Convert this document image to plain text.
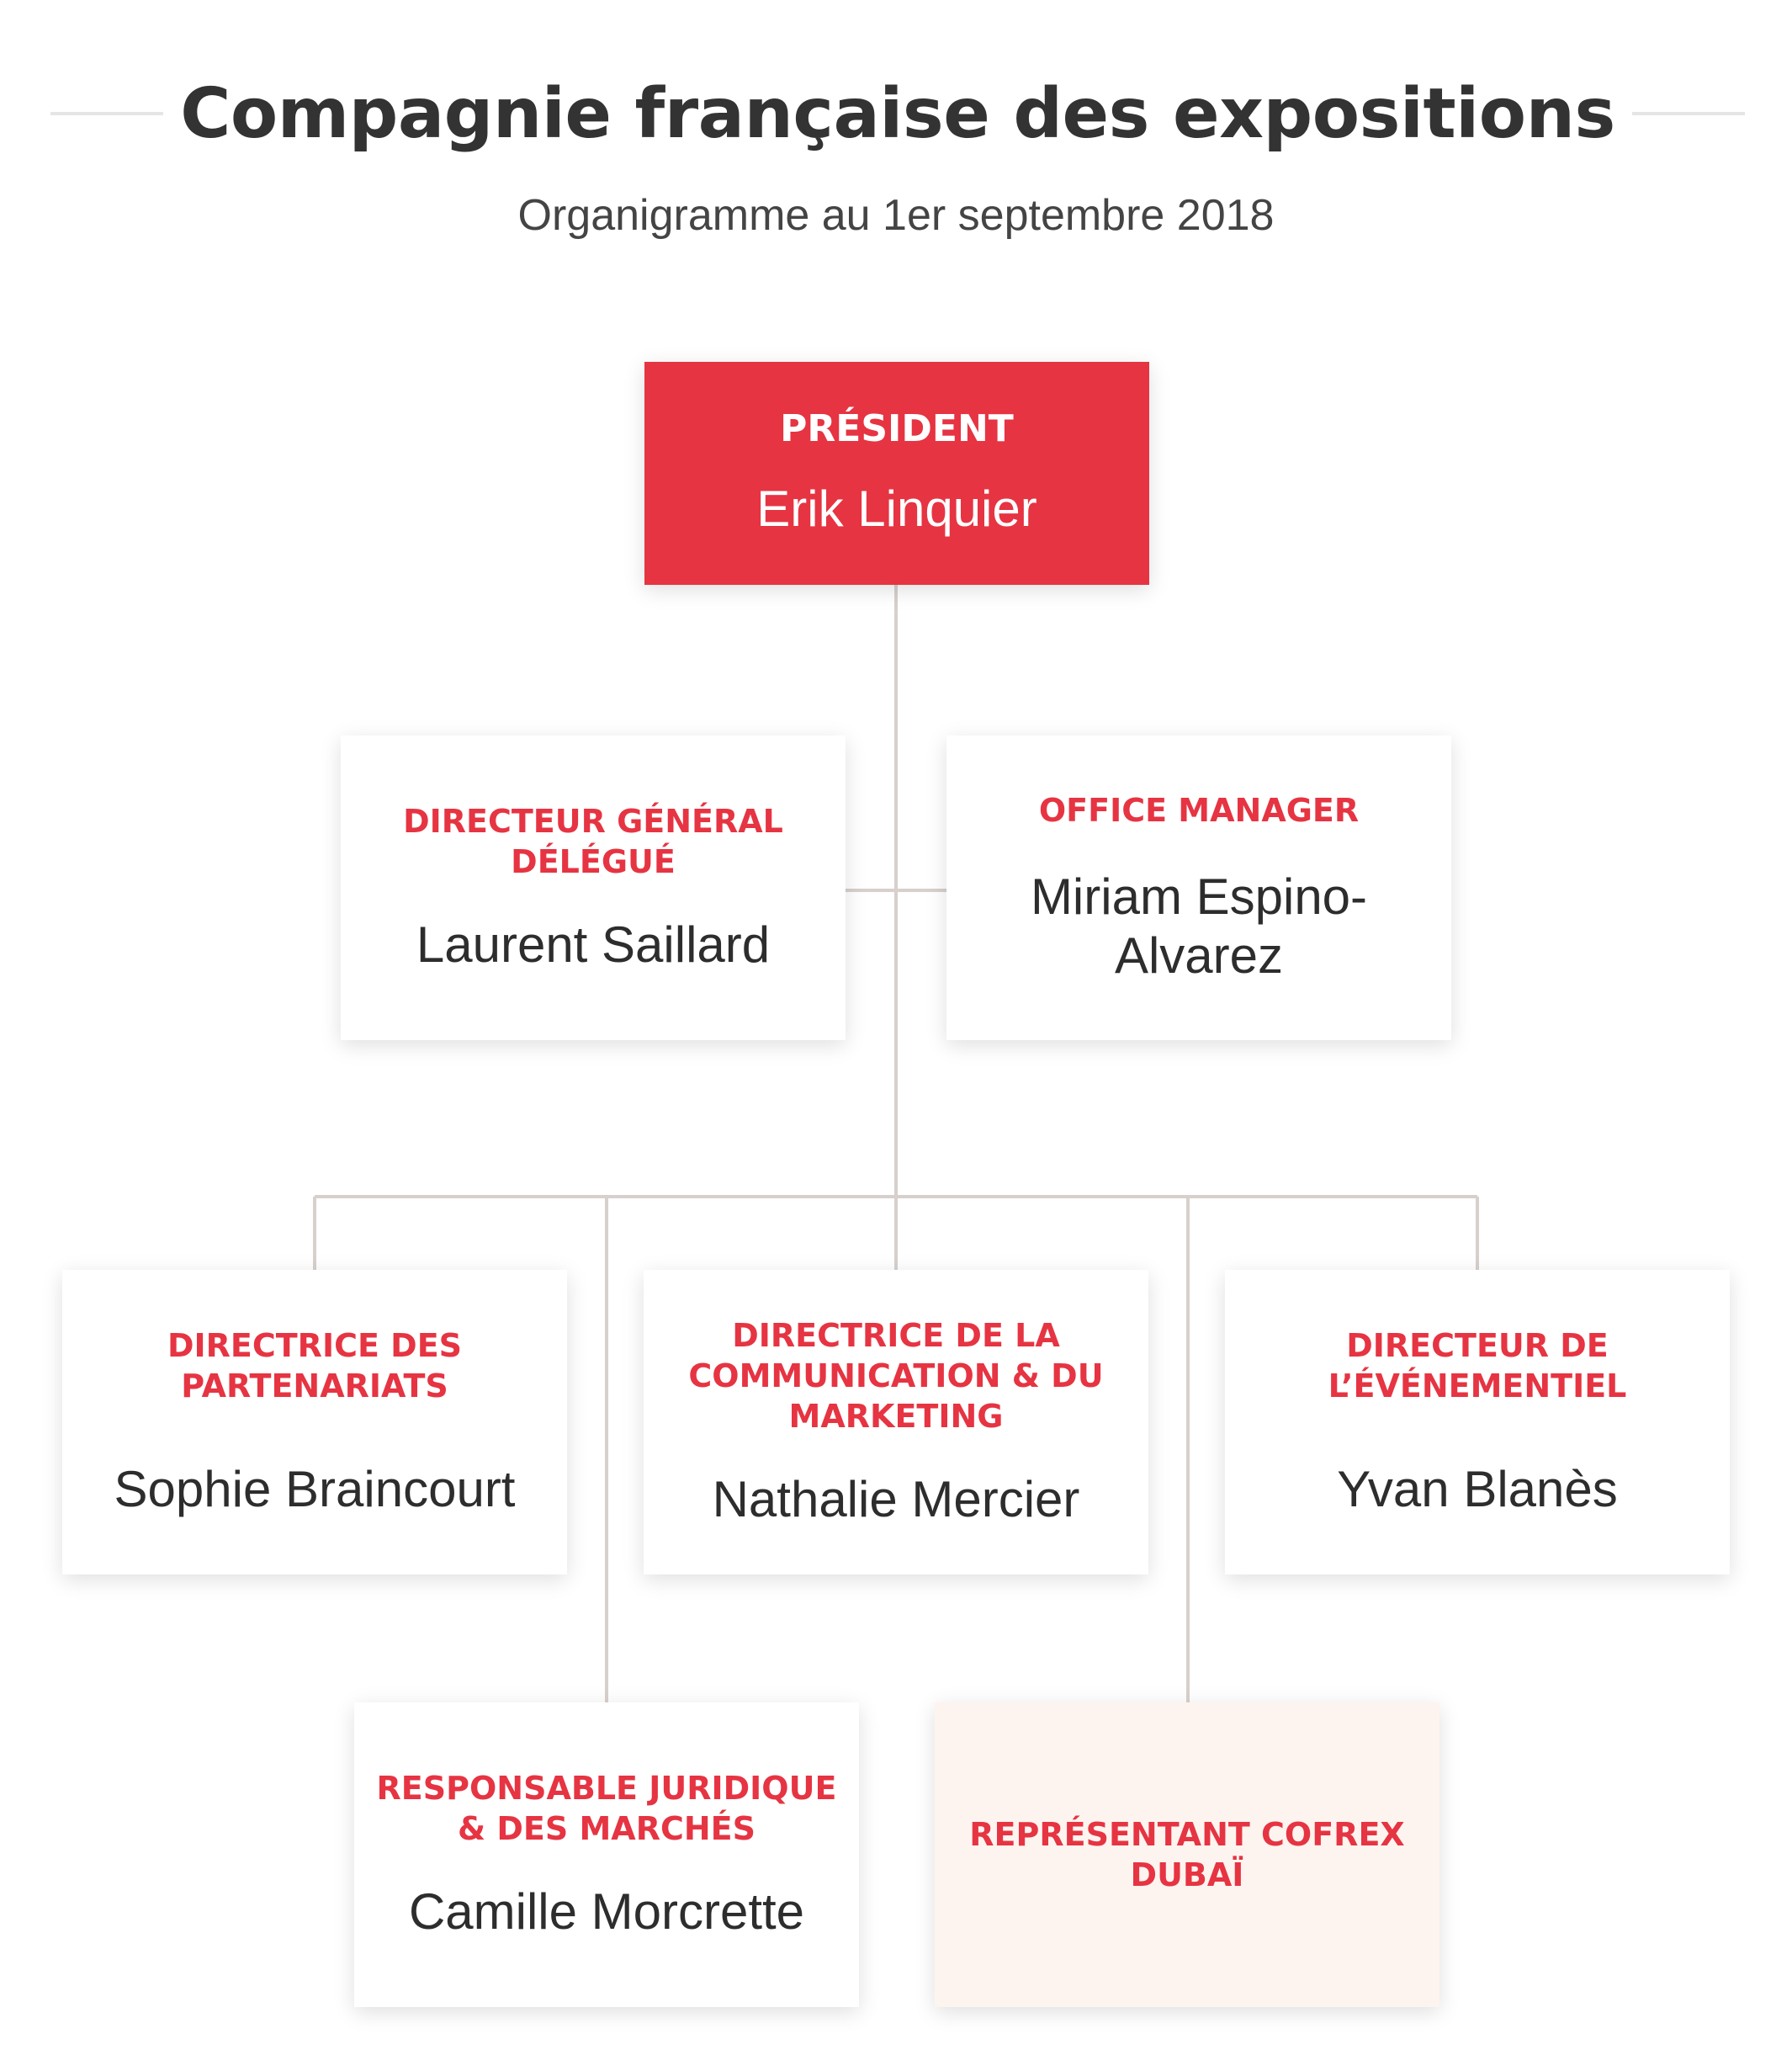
Compagnie française des expositions
Organigramme au 1er septembre 2018
PRÉSIDENT
Erik Linquier
DIRECTEUR GÉNÉRAL DÉLÉGUÉ
Laurent Saillard
OFFICE MANAGER
Miriam Espino-Alvarez
DIRECTRICE DES PARTENARIATS
Sophie Braincourt
DIRECTRICE DE LA COMMUNICATION & DU MARKETING
Nathalie Mercier
DIRECTEUR DE L’ÉVÉNEMENTIEL
Yvan Blanès
RESPONSABLE JURIDIQUE & DES MARCHÉS
Camille Morcrette
REPRÉSENTANT COFREX DUBAÏ
